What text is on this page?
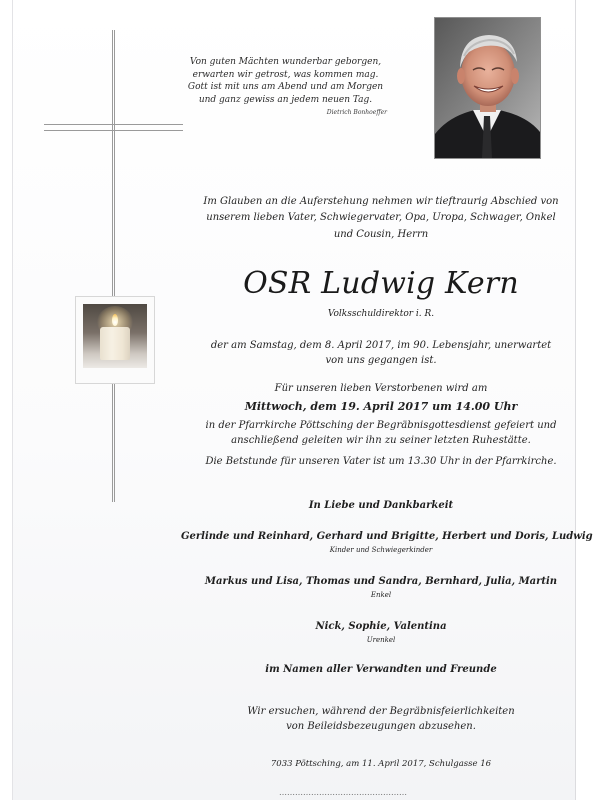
Von guten Mächten wunderbar geborgen,
erwarten wir getrost, was kommen mag.
Gott ist mit uns am Abend und am Morgen
und ganz gewiss an jedem neuen Tag.
Dietrich Bonhoeffer
Im Glauben an die Auferstehung nehmen wir tieftraurig Abschied von
unserem lieben Vater, Schwiegervater, Opa, Uropa, Schwager, Onkel
und Cousin, Herrn
OSR Ludwig Kern
Volksschuldirektor i. R.
der am Samstag, dem 8. April 2017, im 90. Lebensjahr, unerwartet
von uns gegangen ist.
Für unseren lieben Verstorbenen wird am
Mittwoch, dem 19. April 2017 um 14.00 Uhr
in der Pfarrkirche Pöttsching der Begräbnisgottesdienst gefeiert und
anschließend geleiten wir ihn zu seiner letzten Ruhestätte.
Die Betstunde für unseren Vater ist um 13.30 Uhr in der Pfarrkirche.
In Liebe und Dankbarkeit
Gerlinde und Reinhard, Gerhard und Brigitte, Herbert und Doris, Ludwig
Kinder und Schwiegerkinder
Markus und Lisa, Thomas und Sandra, Bernhard, Julia, Martin
Enkel
Nick, Sophie, Valentina
Urenkel
im Namen aller Verwandten und Freunde
Wir ersuchen, während der Begräbnisfeierlichkeiten
von Beileidsbezeugungen abzusehen.
7033 Pöttsching, am 11. April 2017, Schulgasse 16
…………………………………………
